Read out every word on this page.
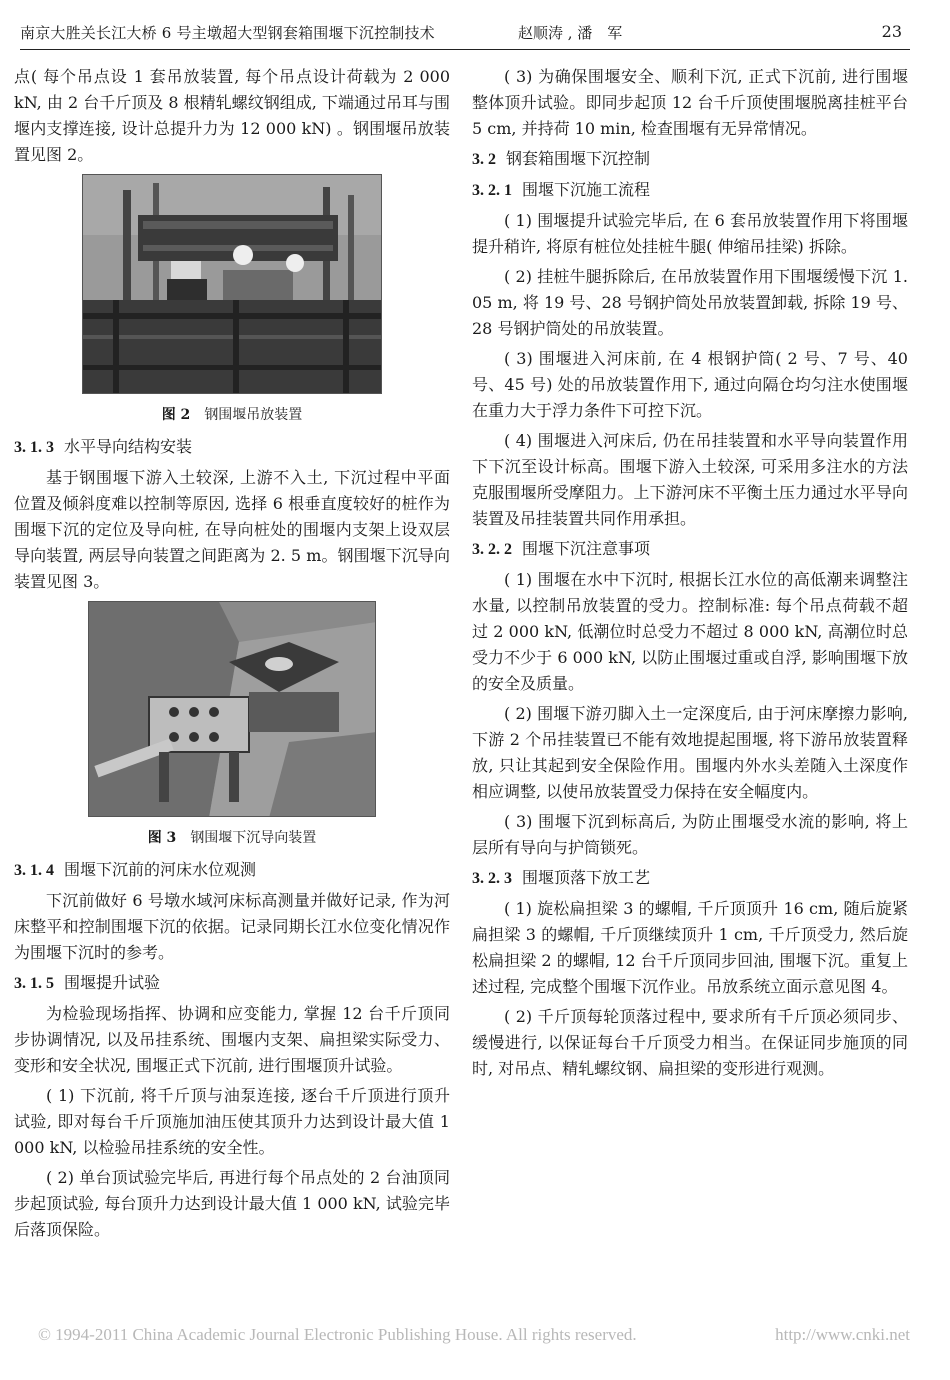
南京大胜关长江大桥 6 号主墩超大型钢套箱围堰下沉控制技术	赵顺涛 , 潘　军	23

点( 每个吊点设 1 套吊放装置, 每个吊点设计荷载为 2 000 kN, 由 2 台千斤顶及 8 根精轧螺纹钢组成, 下端通过吊耳与围堰内支撑连接, 设计总提升力为 12 000 kN) 。钢围堰吊放装置见图 2。

图 2 钢围堰吊放装置
3. 1. 3 水平导向结构安装

基于钢围堰下游入土较深, 上游不入土, 下沉过程中平面位置及倾斜度难以控制等原因, 选择 6 根垂直度较好的桩作为围堰下沉的定位及导向桩, 在导向桩处的围堰内支架上设双层导向装置, 两层导向装置之间距离为 2. 5 m。钢围堰下沉导向装置见图 3。

图 3 钢围堰下沉导向装置
3. 1. 4 围堰下沉前的河床水位观测

下沉前做好 6 号墩水域河床标高测量并做好记录, 作为河床整平和控制围堰下沉的依据。记录同期长江水位变化情况作为围堰下沉时的参考。

3. 1. 5 围堰提升试验

为检验现场指挥、协调和应变能力, 掌握 12 台千斤顶同步协调情况, 以及吊挂系统、围堰内支架、扁担梁实际受力、变形和安全状况, 围堰正式下沉前, 进行围堰顶升试验。

( 1) 下沉前, 将千斤顶与油泵连接, 逐台千斤顶进行顶升试验, 即对每台千斤顶施加油压使其顶升力达到设计最大值 1 000 kN, 以检验吊挂系统的安全性。

( 2) 单台顶试验完毕后, 再进行每个吊点处的 2 台油顶同步起顶试验, 每台顶升力达到设计最大值 1 000 kN, 试验完毕后落顶保险。

( 3) 为确保围堰安全、顺利下沉, 正式下沉前, 进行围堰整体顶升试验。即同步起顶 12 台千斤顶使围堰脱离挂桩平台 5 cm, 并持荷 10 min, 检查围堰有无异常情况。

3. 2 钢套箱围堰下沉控制
3. 2. 1 围堰下沉施工流程

( 1) 围堰提升试验完毕后, 在 6 套吊放装置作用下将围堰提升稍许, 将原有桩位处挂桩牛腿( 伸缩吊挂梁) 拆除。

( 2) 挂桩牛腿拆除后, 在吊放装置作用下围堰缓慢下沉 1. 05 m, 将 19 号、28 号钢护筒处吊放装置卸载, 拆除 19 号、28 号钢护筒处的吊放装置。

( 3) 围堰进入河床前, 在 4 根钢护筒( 2 号、7 号、40 号、45 号) 处的吊放装置作用下, 通过向隔仓均匀注水使围堰在重力大于浮力条件下可控下沉。

( 4) 围堰进入河床后, 仍在吊挂装置和水平导向装置作用下下沉至设计标高。围堰下游入土较深, 可采用多注水的方法克服围堰所受摩阻力。上下游河床不平衡土压力通过水平导向装置及吊挂装置共同作用承担。

3. 2. 2 围堰下沉注意事项

( 1) 围堰在水中下沉时, 根据长江水位的高低潮来调整注水量, 以控制吊放装置的受力。控制标准: 每个吊点荷载不超过 2 000 kN, 低潮位时总受力不超过 8 000 kN, 高潮位时总受力不少于 6 000 kN, 以防止围堰过重或自浮, 影响围堰下放的安全及质量。

( 2) 围堰下游刃脚入土一定深度后, 由于河床摩擦力影响, 下游 2 个吊挂装置已不能有效地提起围堰, 将下游吊放装置释放, 只让其起到安全保险作用。围堰内外水头差随入土深度作相应调整, 以使吊放装置受力保持在安全幅度内。

( 3) 围堰下沉到标高后, 为防止围堰受水流的影响, 将上层所有导向与护筒锁死。

3. 2. 3 围堰顶落下放工艺

( 1) 旋松扁担梁 3 的螺帽, 千斤顶顶升 16 cm, 随后旋紧扁担梁 3 的螺帽, 千斤顶继续顶升 1 cm, 千斤顶受力, 然后旋松扁担梁 2 的螺帽, 12 台千斤顶同步回油, 围堰下沉。重复上述过程, 完成整个围堰下沉作业。吊放系统立面示意见图 4。

( 2) 千斤顶每轮顶落过程中, 要求所有千斤顶必须同步、缓慢进行, 以保证每台千斤顶受力相当。在保证同步施顶的同时, 对吊点、精轧螺纹钢、扁担梁的变形进行观测。

© 1994-2011 China Academic Journal Electronic Publishing House. All rights reserved.	http://www.cnki.net
